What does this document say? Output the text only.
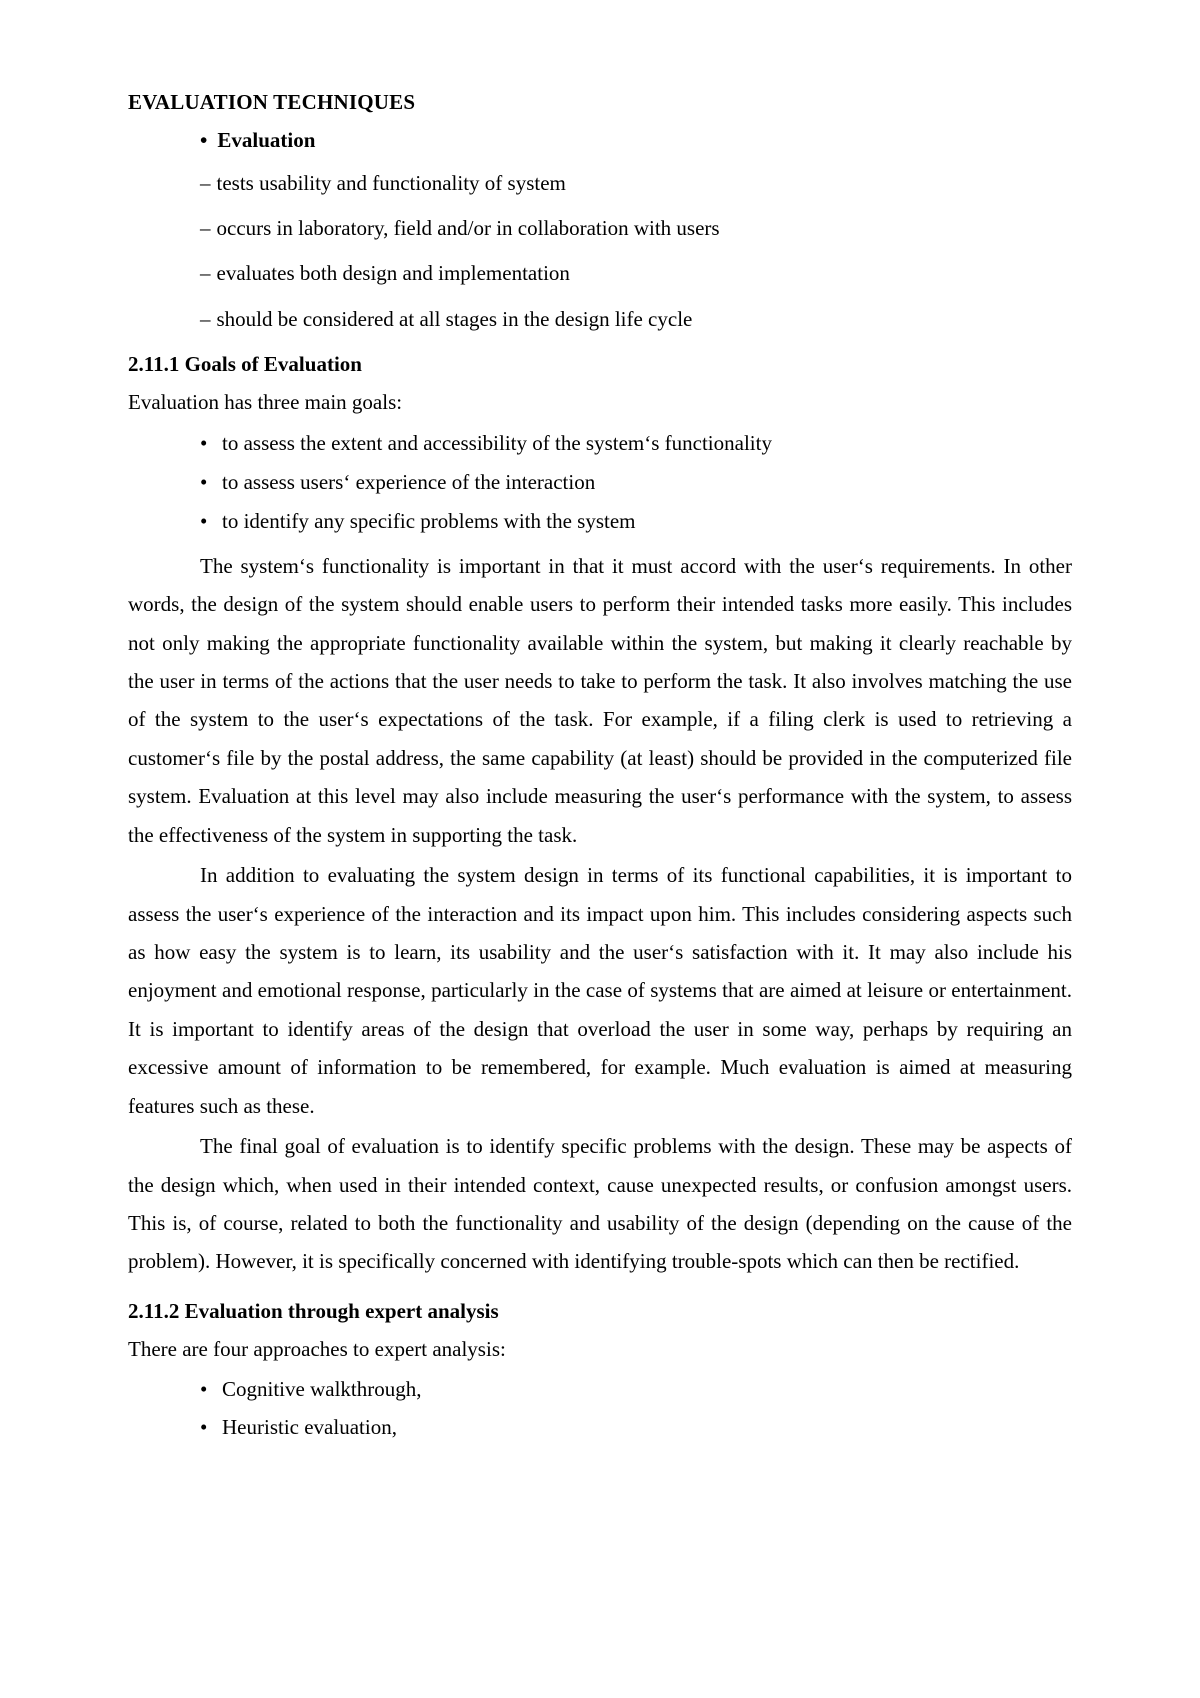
EVALUATION TECHNIQUES
• Evaluation
– tests usability and functionality of system
– occurs in laboratory, field and/or in collaboration with users
– evaluates both design and implementation
– should be considered at all stages in the design life cycle
2.11.1 Goals of Evaluation

Evaluation has three main goals:

• to assess the extent and accessibility of the system‘s functionality
• to assess users‘ experience of the interaction
• to identify any specific problems with the system

The system‘s functionality is important in that it must accord with the user‘s requirements. In other words, the design of the system should enable users to perform their intended tasks more easily. This includes not only making the appropriate functionality available within the system, but making it clearly reachable by the user in terms of the actions that the user needs to take to perform the task. It also involves matching the use of the system to the user‘s expectations of the task. For example, if a filing clerk is used to retrieving a customer‘s file by the postal address, the same capability (at least) should be provided in the computerized file system. Evaluation at this level may also include measuring the user‘s performance with the system, to assess the effectiveness of the system in supporting the task.

In addition to evaluating the system design in terms of its functional capabilities, it is important to assess the user‘s experience of the interaction and its impact upon him. This includes considering aspects such as how easy the system is to learn, its usability and the user‘s satisfaction with it. It may also include his enjoyment and emotional response, particularly in the case of systems that are aimed at leisure or entertainment. It is important to identify areas of the design that overload the user in some way, perhaps by requiring an excessive amount of information to be remembered, for example. Much evaluation is aimed at measuring features such as these.

The final goal of evaluation is to identify specific problems with the design. These may be aspects of the design which, when used in their intended context, cause unexpected results, or confusion amongst users. This is, of course, related to both the functionality and usability of the design (depending on the cause of the problem). However, it is specifically concerned with identifying trouble-spots which can then be rectified.

2.11.2 Evaluation through expert analysis

There are four approaches to expert analysis:

• Cognitive walkthrough,
• Heuristic evaluation,
